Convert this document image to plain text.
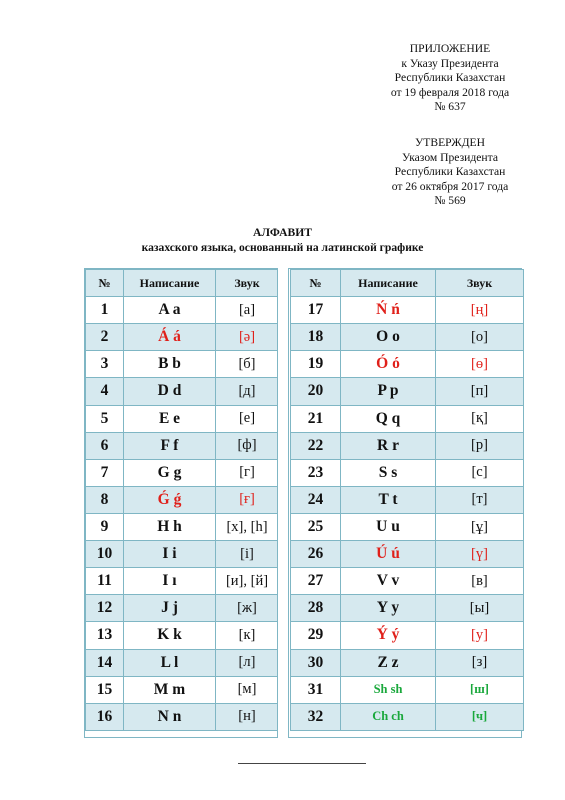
ПРИЛОЖЕНИЕ
к Указу Президента
Республики Казахстан
от 19 февраля 2018 года
№ 637
УТВЕРЖДЕН
Указом Президента
Республики Казахстан
от 26 октября 2017 года
№ 569
АЛФАВИТ
казахского языка, основанный на латинской графике
№	Написание	Звук
1	A a	[а]
2	Á á	[ә]
3	B b	[б]
4	D d	[д]
5	E e	[е]
6	F f	[ф]
7	G g	[г]
8	Ǵ ǵ	[ғ]
9	H h	[х], [һ]
10	I i	[і]
11	I ı	[и], [й]
12	J j	[ж]
13	K k	[к]
14	L l	[л]
15	M m	[м]
16	N n	[н]
№	Написание	Звук
17	Ń ń	[ң]
18	O o	[о]
19	Ó ó	[ө]
20	P p	[п]
21	Q q	[қ]
22	R r	[р]
23	S s	[с]
24	T t	[т]
25	U u	[ұ]
26	Ú ú	[ү]
27	V v	[в]
28	Y y	[ы]
29	Ý ý	[у]
30	Z z	[з]
31	Sh sh	[ш]
32	Ch ch	[ч]
